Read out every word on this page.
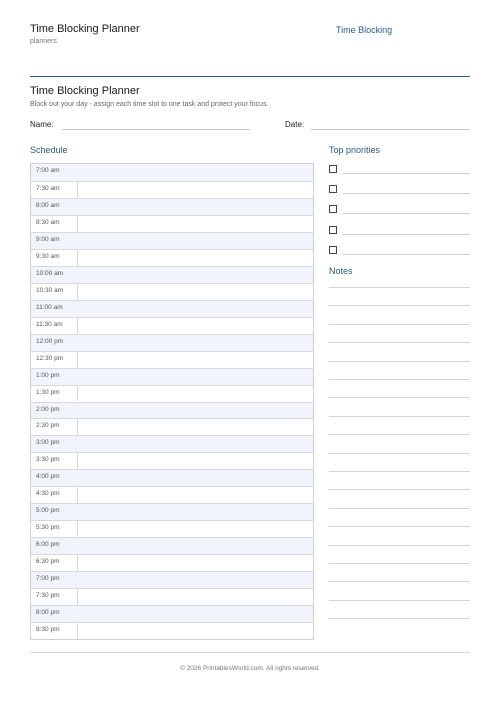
Time Blocking Planner
planners
Time Blocking
Time Blocking Planner
Block out your day - assign each time slot to one task and protect your focus.
Name:	Date:
Schedule
7:00 am
7:30 am
8:00 am
8:30 am
9:00 am
9:30 am
10:00 am
10:30 am
11:00 am
11:30 am
12:00 pm
12:30 pm
1:00 pm
1:30 pm
2:00 pm
2:30 pm
3:00 pm
3:30 pm
4:00 pm
4:30 pm
5:00 pm
5:30 pm
6:00 pm
6:30 pm
7:00 pm
7:30 pm
8:00 pm
8:30 pm
Top priorities
Notes
© 2026 PrintablesWorld.com. All rights reserved.
